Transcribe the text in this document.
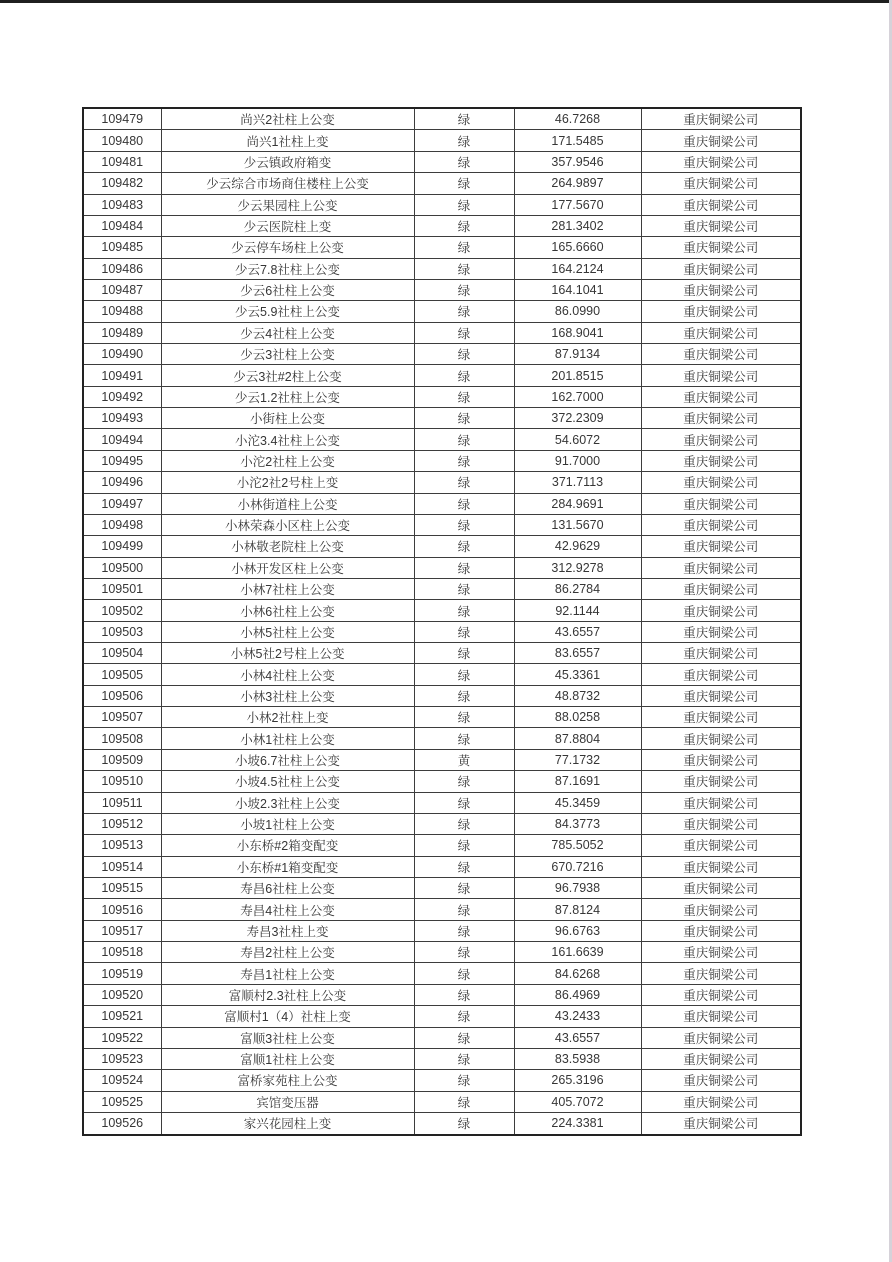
109479	尚兴2社柱上公变	绿	46.7268	重庆铜梁公司
109480	尚兴1社柱上变	绿	171.5485	重庆铜梁公司
109481	少云镇政府箱变	绿	357.9546	重庆铜梁公司
109482	少云综合市场商住楼柱上公变	绿	264.9897	重庆铜梁公司
109483	少云果园柱上公变	绿	177.5670	重庆铜梁公司
109484	少云医院柱上变	绿	281.3402	重庆铜梁公司
109485	少云停车场柱上公变	绿	165.6660	重庆铜梁公司
109486	少云7.8社柱上公变	绿	164.2124	重庆铜梁公司
109487	少云6社柱上公变	绿	164.1041	重庆铜梁公司
109488	少云5.9社柱上公变	绿	86.0990	重庆铜梁公司
109489	少云4社柱上公变	绿	168.9041	重庆铜梁公司
109490	少云3社柱上公变	绿	87.9134	重庆铜梁公司
109491	少云3社#2柱上公变	绿	201.8515	重庆铜梁公司
109492	少云1.2社柱上公变	绿	162.7000	重庆铜梁公司
109493	小街柱上公变	绿	372.2309	重庆铜梁公司
109494	小沱3.4社柱上公变	绿	54.6072	重庆铜梁公司
109495	小沱2社柱上公变	绿	91.7000	重庆铜梁公司
109496	小沱2社2号柱上变	绿	371.7113	重庆铜梁公司
109497	小林街道柱上公变	绿	284.9691	重庆铜梁公司
109498	小林荣森小区柱上公变	绿	131.5670	重庆铜梁公司
109499	小林敬老院柱上公变	绿	42.9629	重庆铜梁公司
109500	小林开发区柱上公变	绿	312.9278	重庆铜梁公司
109501	小林7社柱上公变	绿	86.2784	重庆铜梁公司
109502	小林6社柱上公变	绿	92.1144	重庆铜梁公司
109503	小林5社柱上公变	绿	43.6557	重庆铜梁公司
109504	小林5社2号柱上公变	绿	83.6557	重庆铜梁公司
109505	小林4社柱上公变	绿	45.3361	重庆铜梁公司
109506	小林3社柱上公变	绿	48.8732	重庆铜梁公司
109507	小林2社柱上变	绿	88.0258	重庆铜梁公司
109508	小林1社柱上公变	绿	87.8804	重庆铜梁公司
109509	小坡6.7社柱上公变	黄	77.1732	重庆铜梁公司
109510	小坡4.5社柱上公变	绿	87.1691	重庆铜梁公司
109511	小坡2.3社柱上公变	绿	45.3459	重庆铜梁公司
109512	小坡1社柱上公变	绿	84.3773	重庆铜梁公司
109513	小东桥#2箱变配变	绿	785.5052	重庆铜梁公司
109514	小东桥#1箱变配变	绿	670.7216	重庆铜梁公司
109515	寿昌6社柱上公变	绿	96.7938	重庆铜梁公司
109516	寿昌4社柱上公变	绿	87.8124	重庆铜梁公司
109517	寿昌3社柱上变	绿	96.6763	重庆铜梁公司
109518	寿昌2社柱上公变	绿	161.6639	重庆铜梁公司
109519	寿昌1社柱上公变	绿	84.6268	重庆铜梁公司
109520	富顺村2.3社柱上公变	绿	86.4969	重庆铜梁公司
109521	富顺村1（4）社柱上变	绿	43.2433	重庆铜梁公司
109522	富顺3社柱上公变	绿	43.6557	重庆铜梁公司
109523	富顺1社柱上公变	绿	83.5938	重庆铜梁公司
109524	富桥家苑柱上公变	绿	265.3196	重庆铜梁公司
109525	宾馆变压器	绿	405.7072	重庆铜梁公司
109526	家兴花园柱上变	绿	224.3381	重庆铜梁公司
